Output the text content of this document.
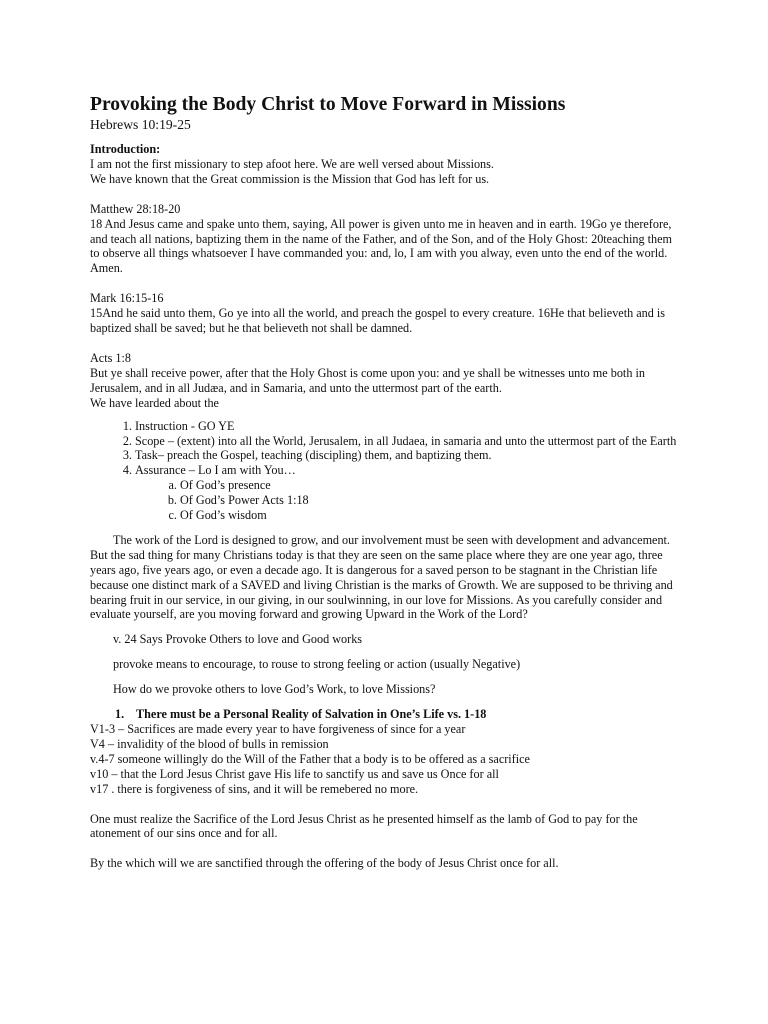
Provoking the Body Christ to Move Forward in Missions

Hebrews 10:19-25

Introduction:

I am not the first missionary to step afoot here. We are well versed about Missions.

We have known that the Great commission is the Mission that God has left for us.

Matthew 28:18-20

18 And Jesus came and spake unto them, saying, All power is given unto me in heaven and in earth. 19Go ye therefore, and teach all nations, baptizing them in the name of the Father, and of the Son, and of the Holy Ghost: 20teaching them to observe all things whatsoever I have commanded you: and, lo, I am with you alway, even unto the end of the world. Amen.

Mark 16:15-16

15And he said unto them, Go ye into all the world, and preach the gospel to every creature. 16He that believeth and is baptized shall be saved; but he that believeth not shall be damned.

Acts 1:8

But ye shall receive power, after that the Holy Ghost is come upon you: and ye shall be witnesses unto me both in Jerusalem, and in all Judæa, and in Samaria, and unto the uttermost part of the earth.

We have learded about the

1. Instruction - GO YE
2. Scope – (extent) into all the World, Jerusalem, in all Judaea, in samaria and unto the uttermost part of the Earth
3. Task– preach the Gospel, teaching (discipling) them, and baptizing them.
4. Assurance – Lo I am with You…
a. Of God’s presence
b. Of God’s Power Acts 1:18
c. Of God’s wisdom

The work of the Lord is designed to grow, and our involvement must be seen with development and advancement. But the sad thing for many Christians today is that they are seen on the same place where they are one year ago, three years ago, five years ago, or even a decade ago. It is dangerous for a saved person to be stagnant in the Christian life because one distinct mark of a SAVED and living Christian is the marks of Growth. We are supposed to be thriving and bearing fruit in our service, in our giving, in our soulwinning, in our love for Missions. As you carefully consider and evaluate yourself, are you moving forward and growing Upward in the Work of the Lord?

v. 24 Says Provoke Others to love and Good works

provoke means to encourage, to rouse to strong feeling or action (usually Negative)

How do we provoke others to love God’s Work, to love Missions?

1. There must be a Personal Reality of Salvation in One’s Life vs. 1-18

V1-3 – Sacrifices are made every year to have forgiveness of since for a year

V4 – invalidity of the blood of bulls in remission

v.4-7 someone willingly do the Will of the Father that a body is to be offered as a sacrifice

v10 – that the Lord Jesus Christ gave His life to sanctify us and save us Once for all

v17 . there is forgiveness of sins, and it will be remebered no more.

One must realize the Sacrifice of the Lord Jesus Christ as he presented himself as the lamb of God to pay for the atonement of our sins once and for all.

By the which will we are sanctified through the offering of the body of Jesus Christ once for all.
